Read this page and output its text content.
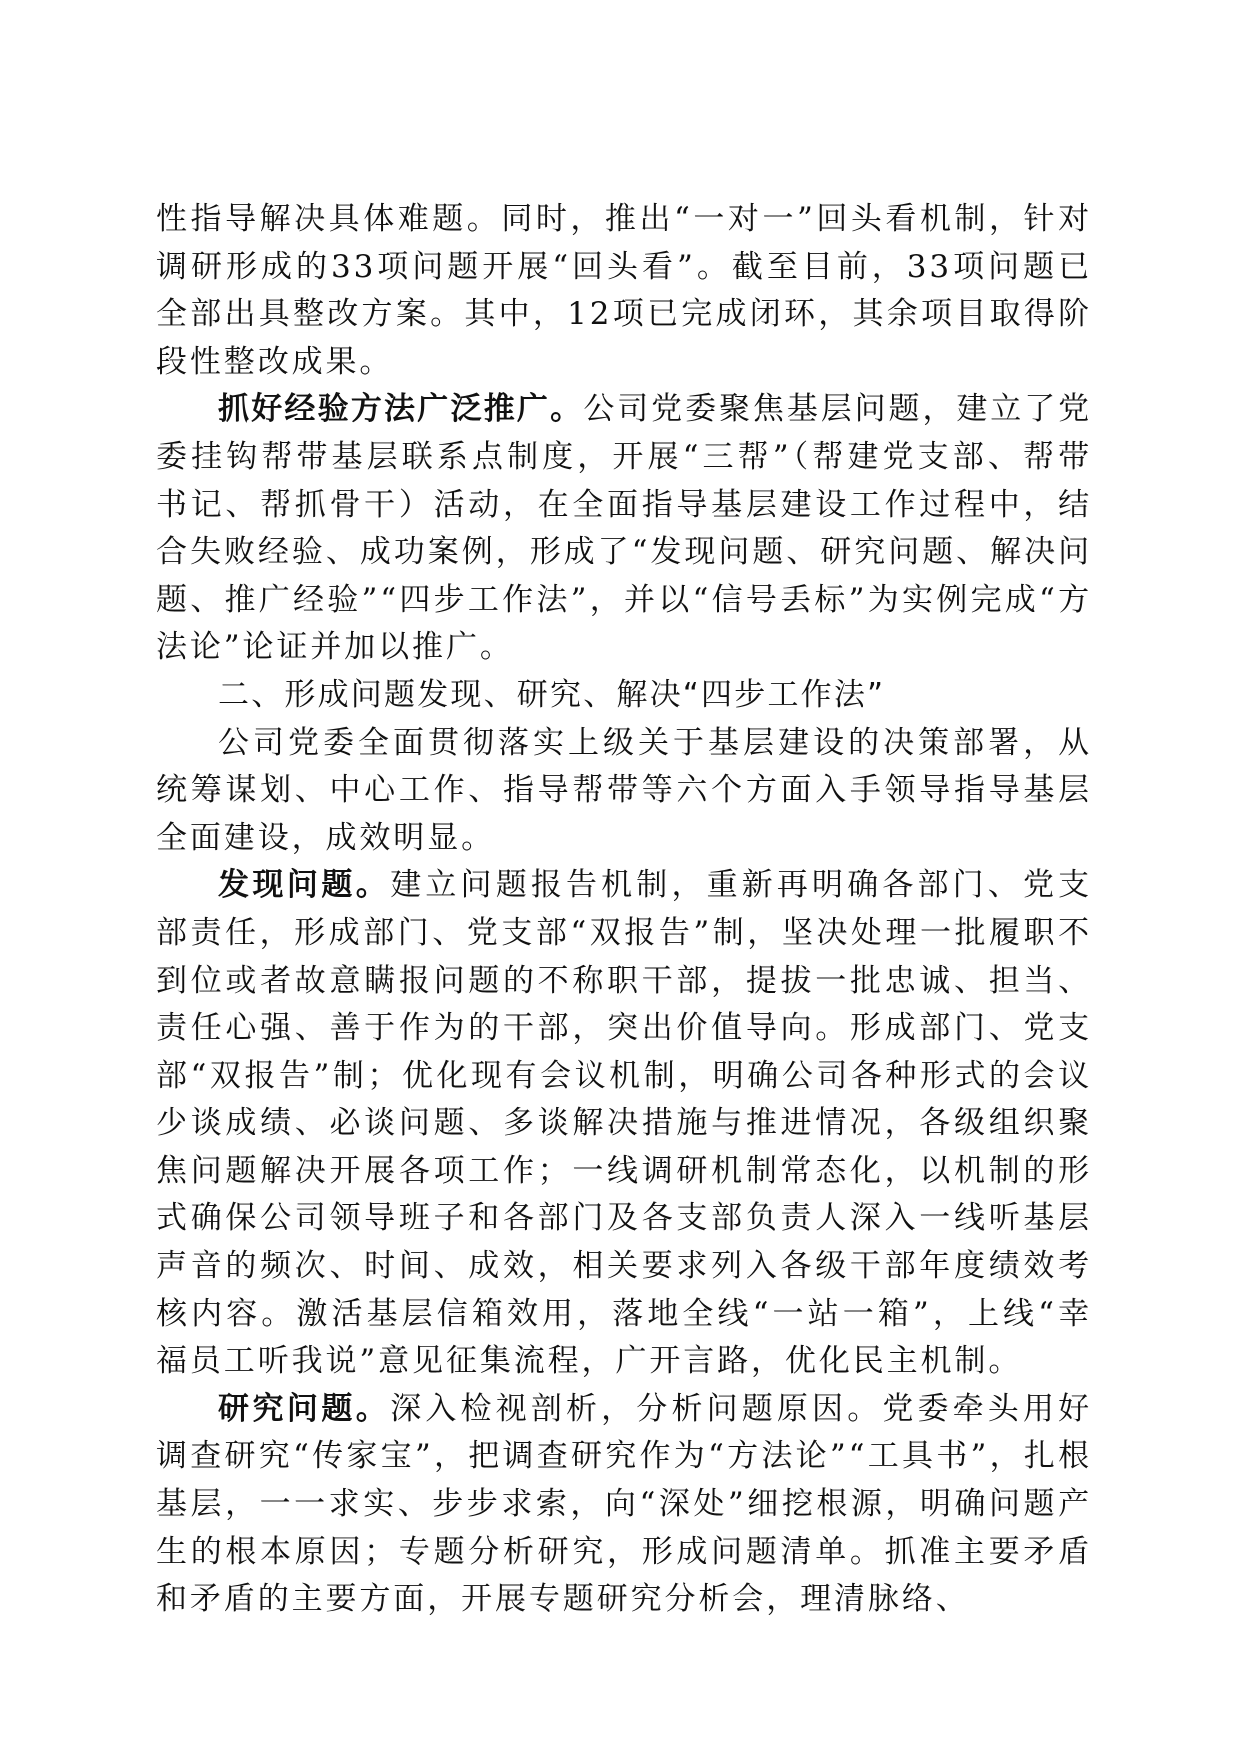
性指导解决具体难题。同时，推出“一对一”回头看机制，针对调研形成的33项问题开展“回头看”。截至目前，33项问题已全部出具整改方案。其中，12项已完成闭环，其余项目取得阶段性整改成果。

抓好经验方法广泛推广。公司党委聚焦基层问题，建立了党委挂钩帮带基层联系点制度，开展“三帮”（帮建党支部、帮带书记、帮抓骨干）活动，在全面指导基层建设工作过程中，结合失败经验、成功案例，形成了“发现问题、研究问题、解决问题、推广经验”“四步工作法”，并以“信号丢标”为实例完成“方法论”论证并加以推广。

二、形成问题发现、研究、解决“四步工作法”

公司党委全面贯彻落实上级关于基层建设的决策部署，从统筹谋划、中心工作、指导帮带等六个方面入手领导指导基层全面建设，成效明显。

发现问题。建立问题报告机制，重新再明确各部门、党支部责任，形成部门、党支部“双报告”制，坚决处理一批履职不到位或者故意瞒报问题的不称职干部，提拔一批忠诚、担当、责任心强、善于作为的干部，突出价值导向。形成部门、党支部“双报告”制；优化现有会议机制，明确公司各种形式的会议少谈成绩、必谈问题、多谈解决措施与推进情况，各级组织聚焦问题解决开展各项工作；一线调研机制常态化，以机制的形式确保公司领导班子和各部门及各支部负责人深入一线听基层声音的频次、时间、成效，相关要求列入各级干部年度绩效考核内容。激活基层信箱效用，落地全线“一站一箱”，上线“幸福员工听我说”意见征集流程，广开言路，优化民主机制。

研究问题。深入检视剖析，分析问题原因。党委牵头用好调查研究“传家宝”，把调查研究作为“方法论”“工具书”，扎根基层，一一求实、步步求索，向“深处”细挖根源，明确问题产生的根本原因；专题分析研究，形成问题清单。抓准主要矛盾和矛盾的主要方面，开展专题研究分析会，理清脉络、
